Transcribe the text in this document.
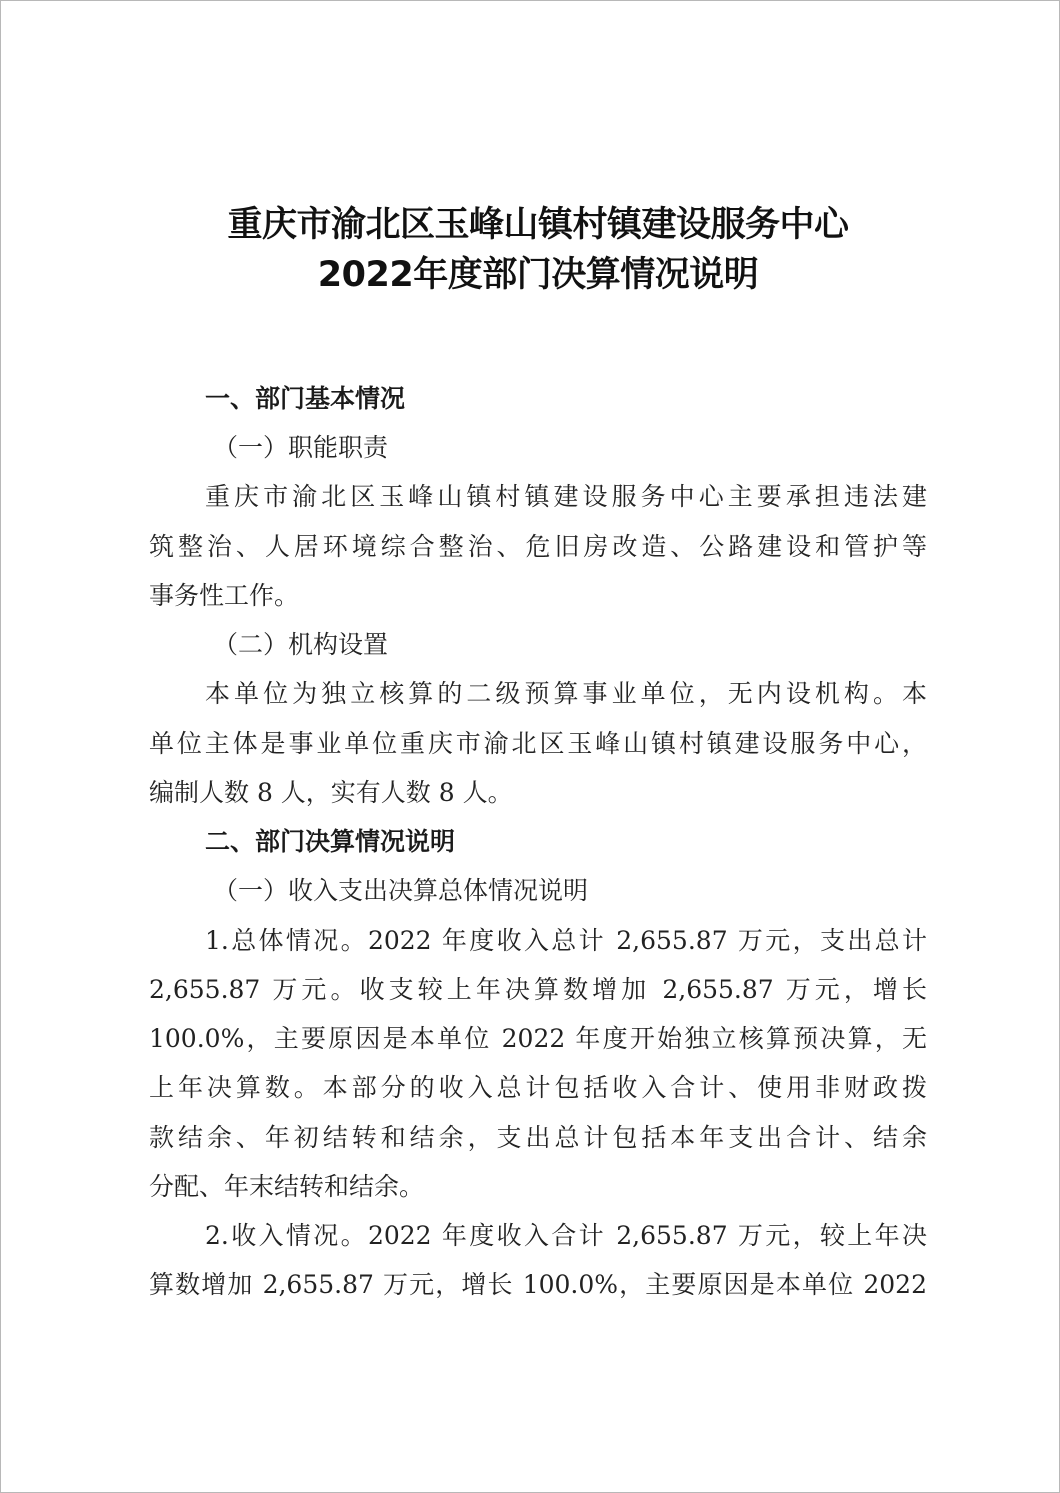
重庆市渝北区玉峰山镇村镇建设服务中心
2022年度部门决算情况说明
一、部门基本情况
（一）职能职责
重庆市渝北区玉峰山镇村镇建设服务中心主要承担违法建
筑整治、人居环境综合整治、危旧房改造、公路建设和管护等
事务性工作。
（二）机构设置
本单位为独立核算的二级预算事业单位，无内设机构。本
单位主体是事业单位重庆市渝北区玉峰山镇村镇建设服务中心，
编制人数 8 人，实有人数 8 人。
二、部门决算情况说明
（一）收入支出决算总体情况说明
1.总体情况。2022 年度收入总计 2,655.87 万元，支出总计
2,655.87 万元。收支较上年决算数增加 2,655.87 万元，增长
100.0%，主要原因是本单位 2022 年度开始独立核算预决算，无
上年决算数。本部分的收入总计包括收入合计、使用非财政拨
款结余、年初结转和结余，支出总计包括本年支出合计、结余
分配、年末结转和结余。
2.收入情况。2022 年度收入合计 2,655.87 万元，较上年决
算数增加 2,655.87 万元，增长 100.0%，主要原因是本单位 2022
